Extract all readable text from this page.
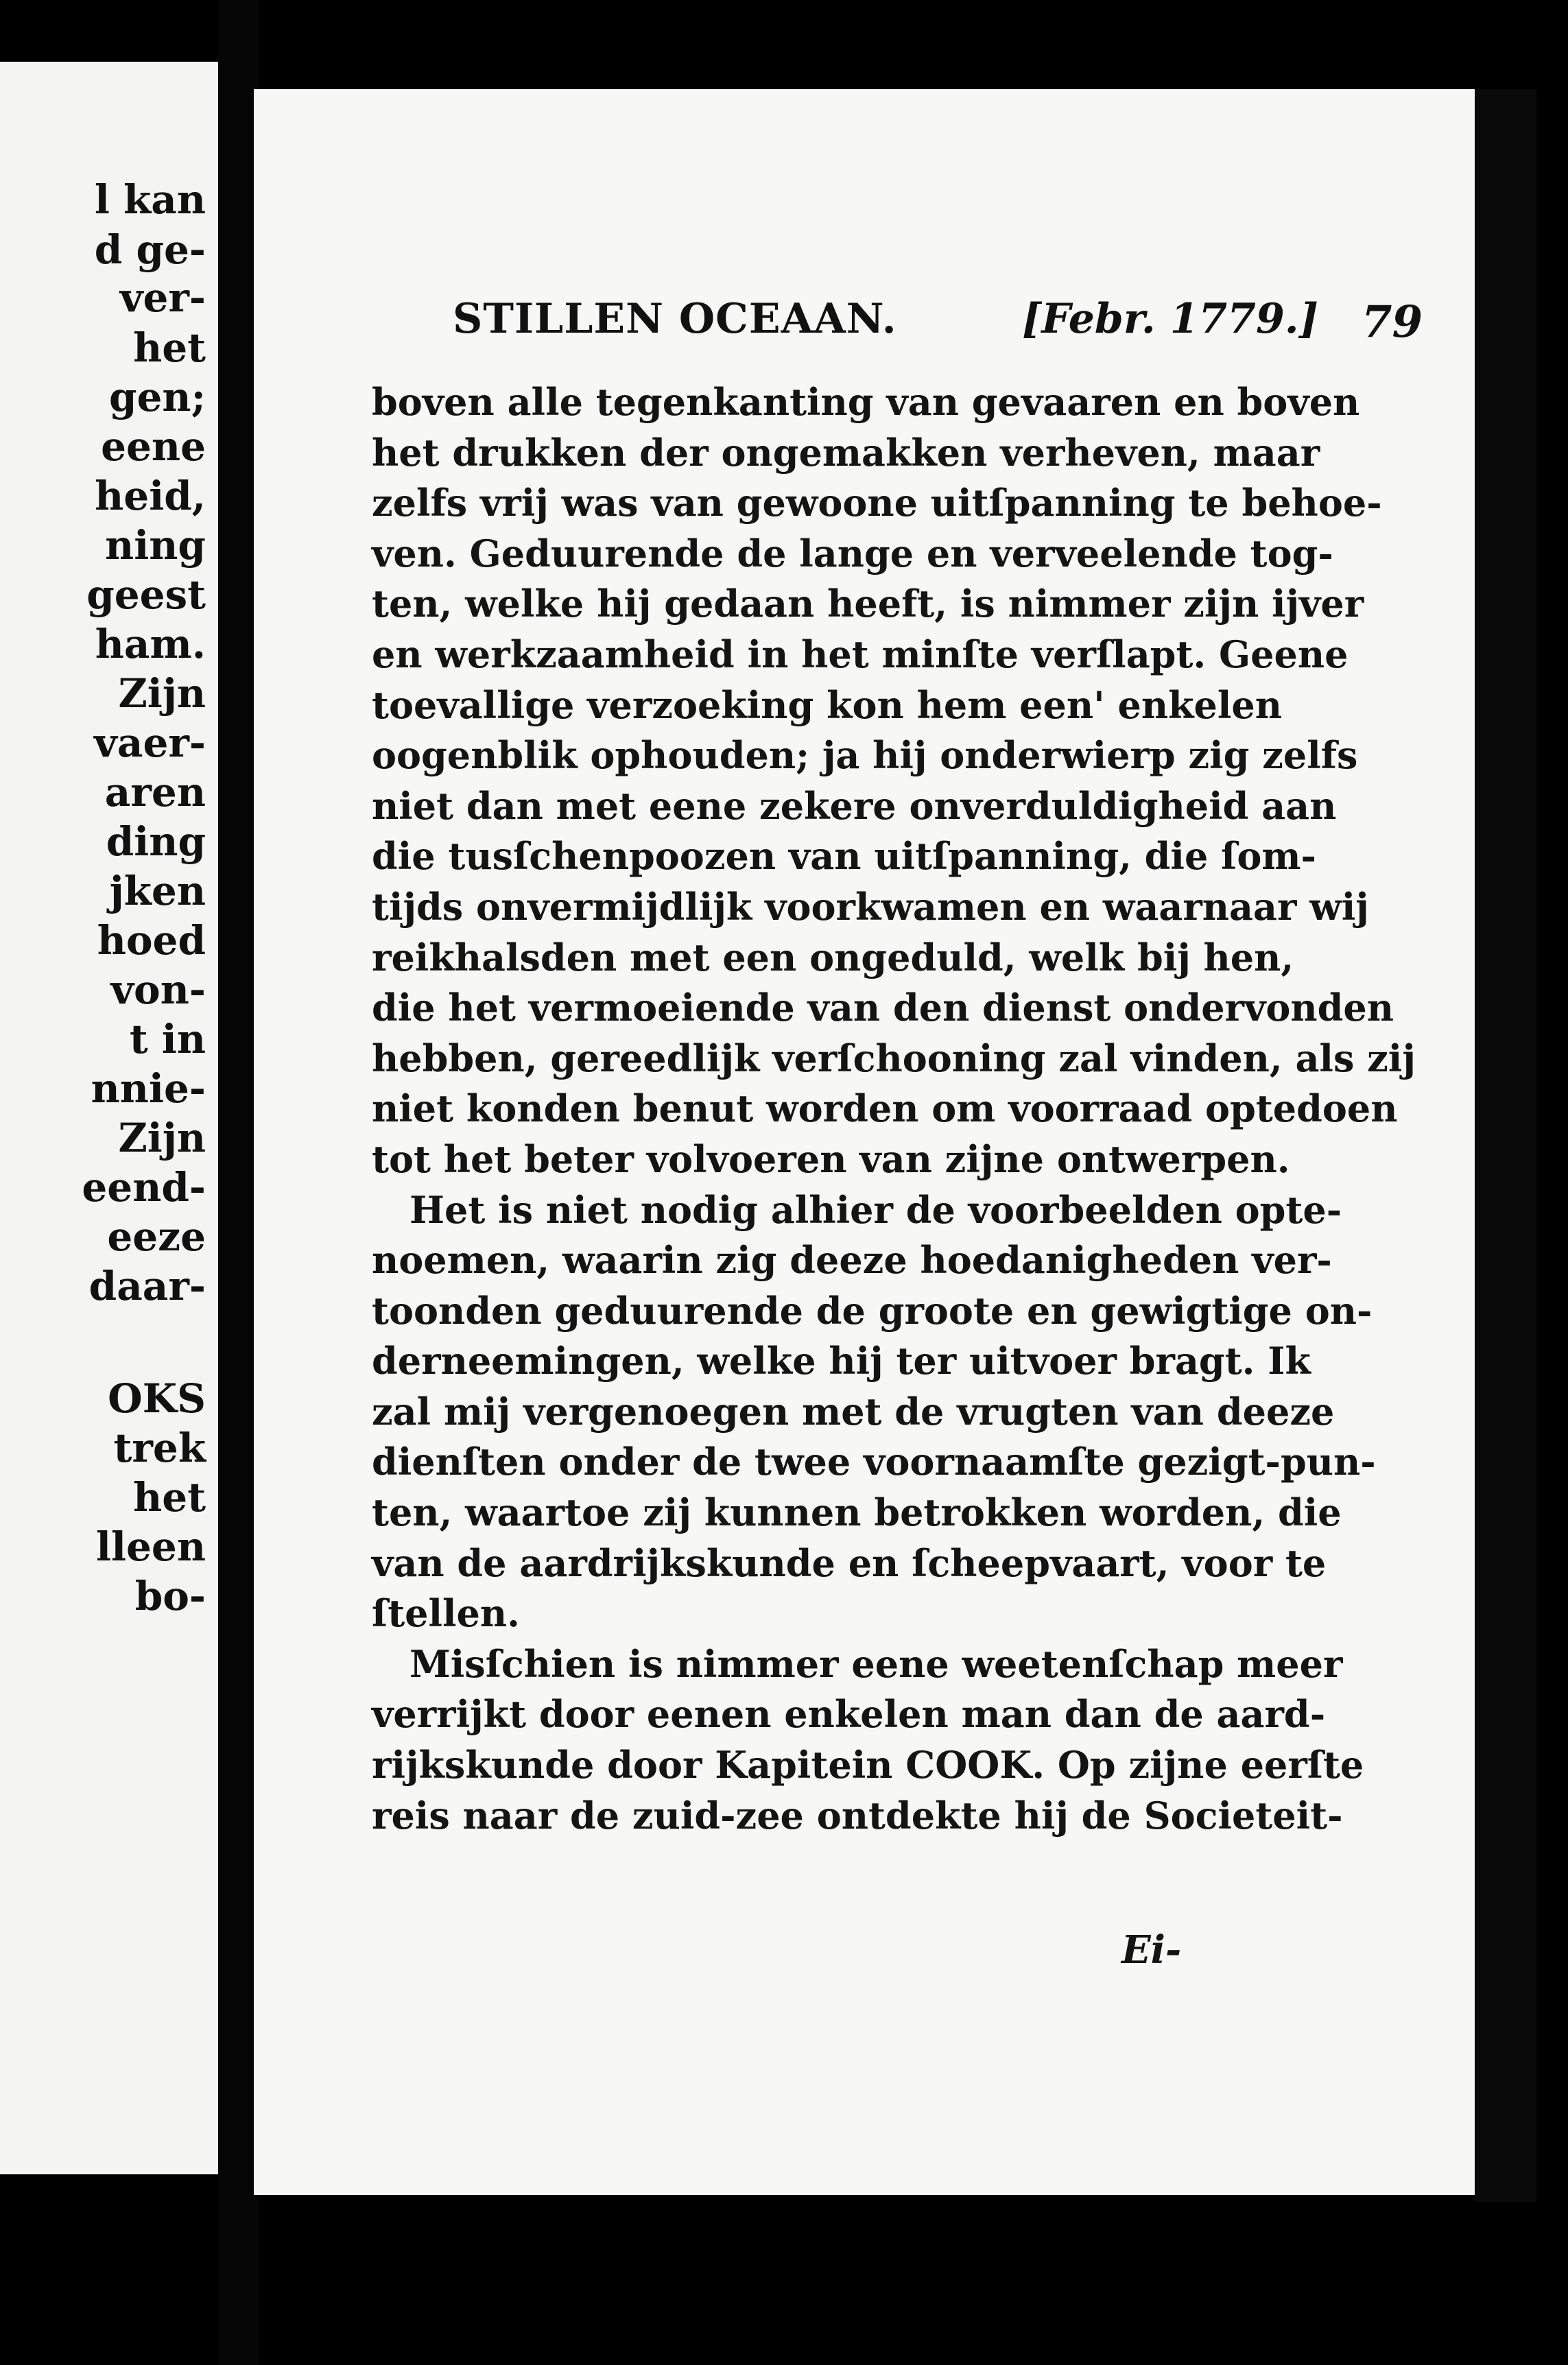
l kan
d ge-
ver-
het
gen;
eene
heid,
ning
geest
ham.
Zijn
vaer-
aren
ding
jken
hoed
von-
t in
nnie-
Zijn
eend-
eeze
daar-
OKS
trek
het
lleen
bo-
STILLEN OCEAAN.	[Febr. 1779.] 79
boven alle tegenkanting van gevaaren en boven
het drukken der ongemakken verheven, maar
zelfs vrij was van gewoone uitſpanning te behoe-
ven. Geduurende de lange en verveelende tog-
ten, welke hij gedaan heeft, is nimmer zijn ijver
en werkzaamheid in het minſte verſlapt. Geene
toevallige verzoeking kon hem een' enkelen
oogenblik ophouden; ja hij onderwierp zig zelfs
niet dan met eene zekere onverduldigheid aan
die tusſchenpoozen van uitſpanning, die ſom-
tijds onvermijdlijk voorkwamen en waarnaar wij
reikhalsden met een ongeduld, welk bij hen,
die het vermoeiende van den dienst ondervonden
hebben, gereedlijk verſchooning zal vinden, als zij
niet konden benut worden om voorraad optedoen
tot het beter volvoeren van zijne ontwerpen.
Het is niet nodig alhier de voorbeelden opte-
noemen, waarin zig deeze hoedanigheden ver-
toonden geduurende de groote en gewigtige on-
derneemingen, welke hij ter uitvoer bragt. Ik
zal mij vergenoegen met de vrugten van deeze
dienſten onder de twee voornaamſte gezigt-pun-
ten, waartoe zij kunnen betrokken worden, die
van de aardrijkskunde en ſcheepvaart, voor te
ſtellen.
Misſchien is nimmer eene weetenſchap meer
verrijkt door eenen enkelen man dan de aard-
rijkskunde door Kapitein COOK. Op zijne eerſte
reis naar de zuid-zee ontdekte hij de Societeit-
Ei-
